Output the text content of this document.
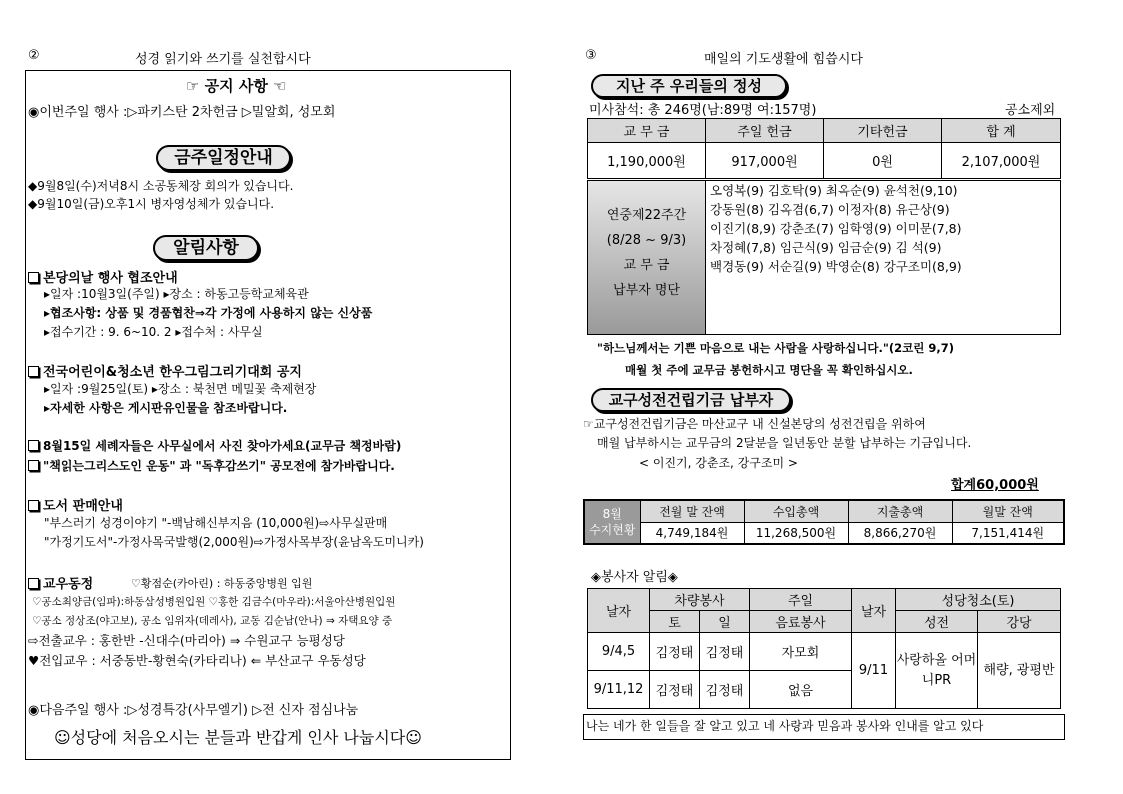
②	성경 읽기와 쓰기를 실천합시다
☞ 공지 사항 ☜
◉이번주일 행사 :▷파키스탄 2차헌금 ▷밀알회, 성모회
금주일정안내
◆9월8일(수)저녁8시 소공동체장 회의가 있습니다.
◆9월10일(금)오후1시 병자영성체가 있습니다.
알림사항
본당의날 행사 협조안내
▸일자 :10월3일(주일) ▸장소 : 하동고등학교체육관
▸협조사항: 상품 및 경품협찬⇒각 가정에 사용하지 않는 신상품
▸접수기간 : 9. 6~10. 2 ▸접수처 : 사무실
전국어린이&청소년 한우그림그리기대회 공지
▸일자 :9월25일(토) ▸장소 : 북천면 메밀꽃 축제현장
▸자세한 사항은 게시판유인물을 참조바랍니다.
8월15일 세례자들은 사무실에서 사진 찾아가세요(교무금 책정바람)
"책읽는그리스도인 운동" 과 "독후감쓰기" 공모전에 참가바랍니다.
도서 판매안내
"부스러기 성경이야기 "-백남해신부지음 (10,000원)⇨사무실판매
"가정기도서"-가정사목국발행(2,000원)⇨가정사목부장(윤남옥도미니카)
교우동정	♡황점순(카아린) : 하동중앙병원 입원
♡공소최양금(임파):하동삼성병원입원 ♡홍한 김금수(마우라):서울아산병원입원
♡공소 정상조(야고보), 공소 임위자(데레사), 교동 김순남(안나) ⇒ 자택요양 중
⇨전출교우 : 홍한반 -신대수(마리아) ⇒ 수원교구 능평성당
♥전입교우 : 서중동반-황현숙(카타리나) ⇐ 부산교구 우동성당
◉다음주일 행사 :▷성경특강(사무엘기) ▷전 신자 점심나눔
☺성당에 처음오시는 분들과 반갑게 인사 나눕시다☺
③	매일의 기도생활에 힘씁시다
지난 주 우리들의 정성
미사참석: 총 246명(남:89명 여:157명)	공소제외
교 무 금	주일 헌금	기타헌금	합 계
1,190,000원	917,000원	0원	2,107,000원
연중제22주간
(8/28 ~ 9/3)
교 무 금
납부자 명단
오영복(9) 김호탁(9) 최옥순(9) 윤석천(9,10)
강동원(8) 김옥겸(6,7) 이정자(8) 유근상(9)
이진기(8,9) 강춘조(7) 임학영(9) 이미문(7,8)
차정혜(7,8) 임근식(9) 임금순(9) 김 석(9)
백경동(9) 서순길(9) 박영순(8) 강구조미(8,9)
"하느님께서는 기쁜 마음으로 내는 사람을 사랑하십니다."(2코린 9,7)
매월 첫 주에 교무금 봉헌하시고 명단을 꼭 확인하십시오.
교구성전건립기금 납부자
☞교구성전건립기금은 마산교구 내 신설본당의 성전건립을 위하여
매월 납부하시는 교무금의 2달분을 일년동안 분할 납부하는 기금입니다.
< 이진기, 강춘조, 강구조미 >
합계60,000원
8월
수지현황	전월 말 잔액	수입총액	지출총액	월말 잔액
	4,749,184원	11,268,500원	8,866,270원	7,151,414원
◈봉사자 알림◈
날자	차량봉사		주일	날자	성당청소(토)	
	토	일	음료봉사		성전	강당
9/4,5	김정태	김정태	자모회	9/11	사랑하올 어머니PR	해량, 광평반
9/11,12	김정태	김정태	없음			
나는 네가 한 일들을 잘 알고 있고 네 사랑과 믿음과 봉사와 인내를 알고 있다
